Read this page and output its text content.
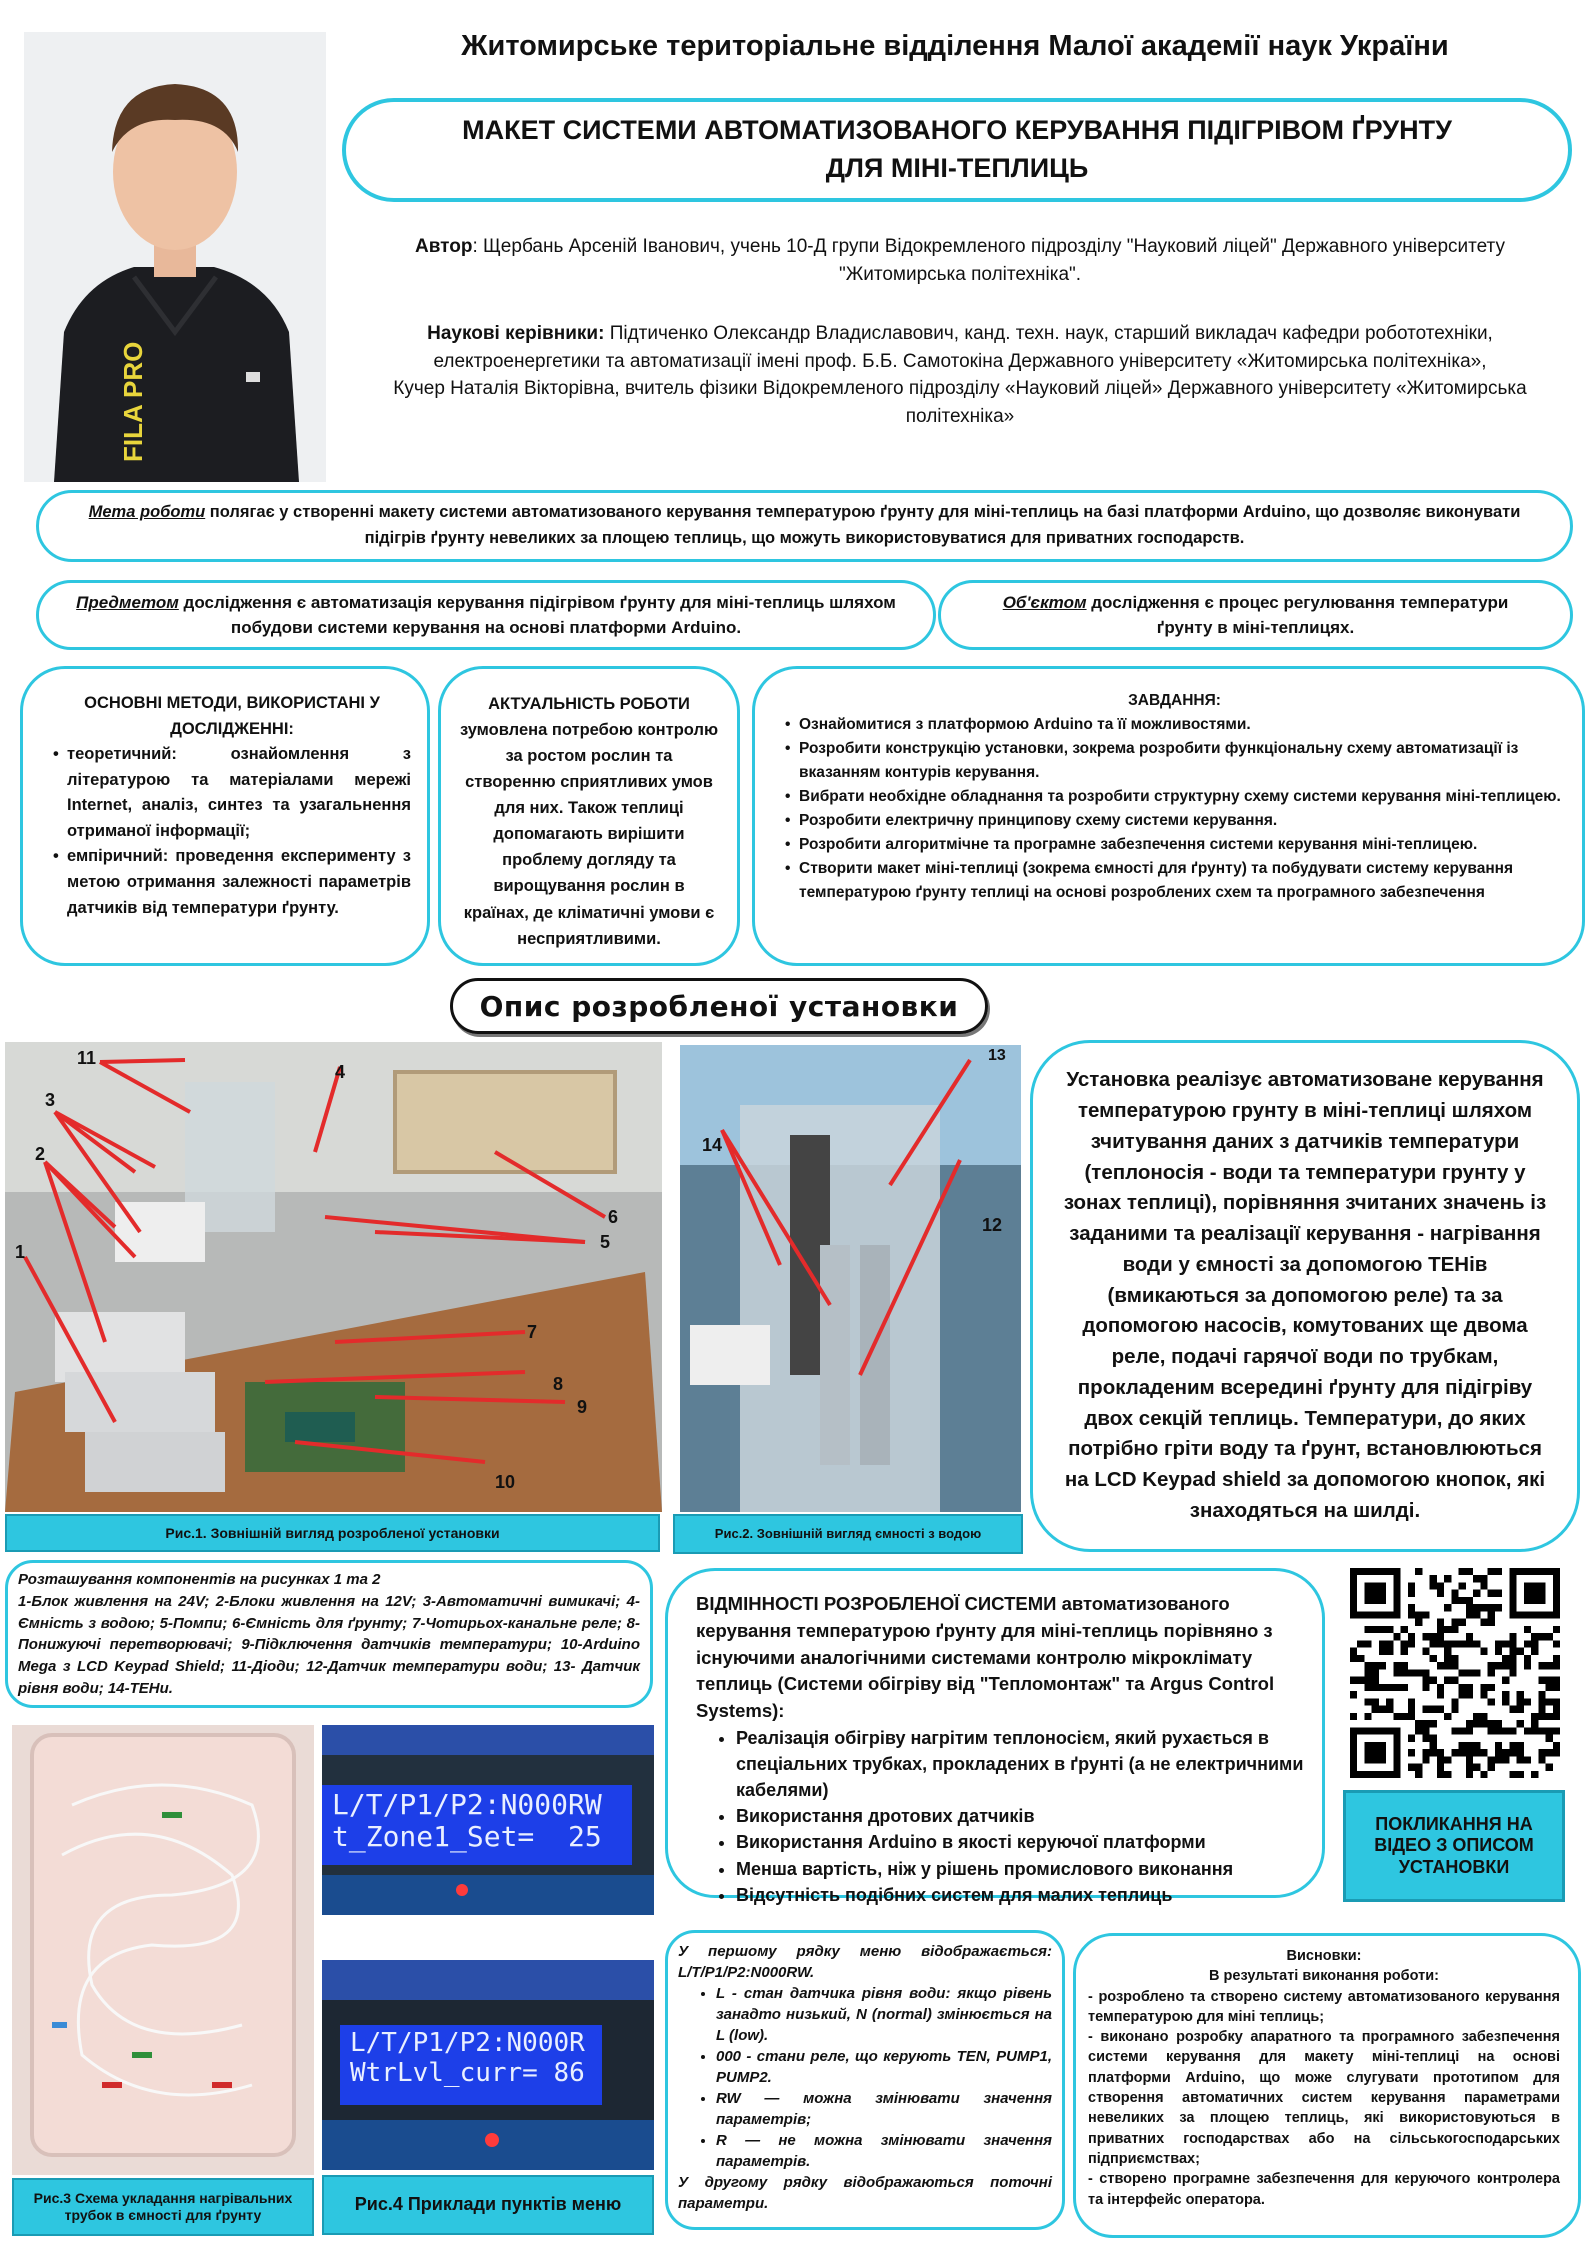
FILA PRO
Житомирське територіальне відділення Малої академії наук України
МАКЕТ СИСТЕМИ АВТОМАТИЗОВАНОГО КЕРУВАННЯ ПІДІГРІВОМ ҐРУНТУ
ДЛЯ МІНІ-ТЕПЛИЦЬ
Автор: Щербань Арсеній Іванович, учень 10-Д групи Відокремленого підрозділу "Науковий ліцей" Державного університету "Житомирська політехніка".
Наукові керівники: Підтиченко Олександр Владиславович, канд. техн. наук, старший викладач кафедри робототехніки, електроенергетики та автоматизації імені проф. Б.Б. Самотокіна Державного університету «Житомирська політехніка»,
Кучер Наталія Вікторівна, вчитель фізики Відокремленого підрозділу «Науковий ліцей» Державного університету «Житомирська політехніка»
Мета роботи полягає у створенні макету системи автоматизованого керування температурою ґрунту для міні-теплиць на базі платформи Arduino, що дозволяє виконувати підігрів ґрунту невеликих за площею теплиць, що можуть використовуватися для приватних господарств.
Предметом дослідження є автоматизація керування підігрівом ґрунту для міні-теплиць шляхом побудови системи керування на основі платформи Arduino.
Об'єктом дослідження є процес регулювання температури ґрунту в міні-теплицях.
ОСНОВНІ МЕТОДИ, ВИКОРИСТАНІ У ДОСЛІДЖЕННІ:
• теоретичний: ознайомлення з літературою та матеріалами мережі Internet, аналіз, синтез та узагальнення отриманої інформації;
• емпіричний: проведення експерименту з метою отримання залежності параметрів датчиків від температури ґрунту.
АКТУАЛЬНІСТЬ РОБОТИ
зумовлена потребою контролю за ростом рослин та створенню сприятливих умов для них. Також теплиці допомагають вирішити проблему догляду та вирощування рослин в країнах, де кліматичні умови є несприятливими.
ЗАВДАННЯ:
• Ознайомитися з платформою Arduino та її можливостями.
• Розробити конструкцію установки, зокрема розробити функціональну схему автоматизації із вказанням контурів керування.
• Вибрати необхідне обладнання та розробити структурну схему системи керування міні-теплицею.
• Розробити електричну принципову схему системи керування.
• Розробити алгоритмічне та програмне забезпечення системи керування міні-теплицею.
• Створити макет міні-теплиці (зокрема ємності для ґрунту) та побудувати систему керування температурою ґрунту теплиці на основі розроблених схем та програмного забезпечення
Опис розробленої установки
11
3
4
2
1
6
5
7
8
9
10
Рис.1. Зовнішній вигляд розробленої установки
13
14
12
Рис.2. Зовнішній вигляд ємності з водою
Установка реалізує автоматизоване керування температурою грунту в міні-теплиці шляхом зчитування даних з датчиків температури (теплоносія - води та температури грунту у зонах теплиці), порівняння зчитаних значень із заданими та реалізації керування - нагрівання води у ємності за допомогою ТЕНів (вмикаються за допомогою реле) та за допомогою насосів, комутованих ще двома реле, подачі гарячої води по трубкам, прокладеним всередині ґрунту для підігріву двох секцій теплиць. Температури, до яких потрібно гріти воду та ґрунт, встановлюються на LCD Keypad shield за допомогою кнопок, які знаходяться на шилді.
Розташування компонентів на рисунках 1 та 2
1-Блок живлення на 24V; 2-Блоки живлення на 12V; 3-Автоматичні вимикачі; 4-Ємність з водою; 5-Помпи; 6-Ємність для ґрунту; 7-Чотирьох-канальне реле; 8-Понижуючі перетворювачі; 9-Підключення датчиків температури; 10-Arduino Mega з LCD Keypad Shield; 11-Діоди; 12-Датчик температури води; 13- Датчик рівня води; 14-ТЕНи.
ВІДМІННОСТІ РОЗРОБЛЕНОЇ СИСТЕМИ автоматизованого керування температурою ґрунту для міні-теплиць порівняно з існуючими аналогічними системами контролю мікроклімату теплиць (Системи обігріву від "Тепломонтаж" та Argus Control Systems):
• Реалізація обігріву нагрітим теплоносієм, який рухається в спеціальних трубках, прокладених в ґрунті (а не електричними кабелями)
• Використання дротових датчиків
• Використання Arduino в якості керуючої платформи
• Менша вартість, ніж у рішень промислового виконання
• Відсутність подібних систем для малих теплиць
ПОКЛИКАННЯ НА ВІДЕО З ОПИСОМ УСТАНОВКИ
Рис.3 Схема укладання нагрівальних трубок в ємності для ґрунту
L/T/P1/P2:N000RW
t_Zone1_Set=  25
L/T/P1/P2:N000R
WtrLvl_curr= 86
Рис.4 Приклади пунктів меню
У першому рядку меню відображається: L/T/P1/P2:N000RW.
• L - стан датчика рівня води: якщо рівень занадто низький, N (normal) змінюється на L (low).
• 000 - стани реле, що керують TEN, PUMP1, PUMP2.
• RW — можна змінювати значення параметрів;
• R — не можна змінювати значення параметрів.
У другому рядку відображаються поточні параметри.
Висновки:
В результаті виконання роботи:
- розроблено та створено систему автоматизованого керування температурою для міні теплиць;
- виконано розробку апаратного та програмного забезпечення системи керування для макету міні-теплиці на основі платформи Arduino, що може слугувати прототипом для створення автоматичних систем керування параметрами невеликих за площею теплиць, які використовуються в приватних господарствах або на сільськогосподарських підприємствах;
- створено програмне забезпечення для керуючого контролера та інтерфейс оператора.
